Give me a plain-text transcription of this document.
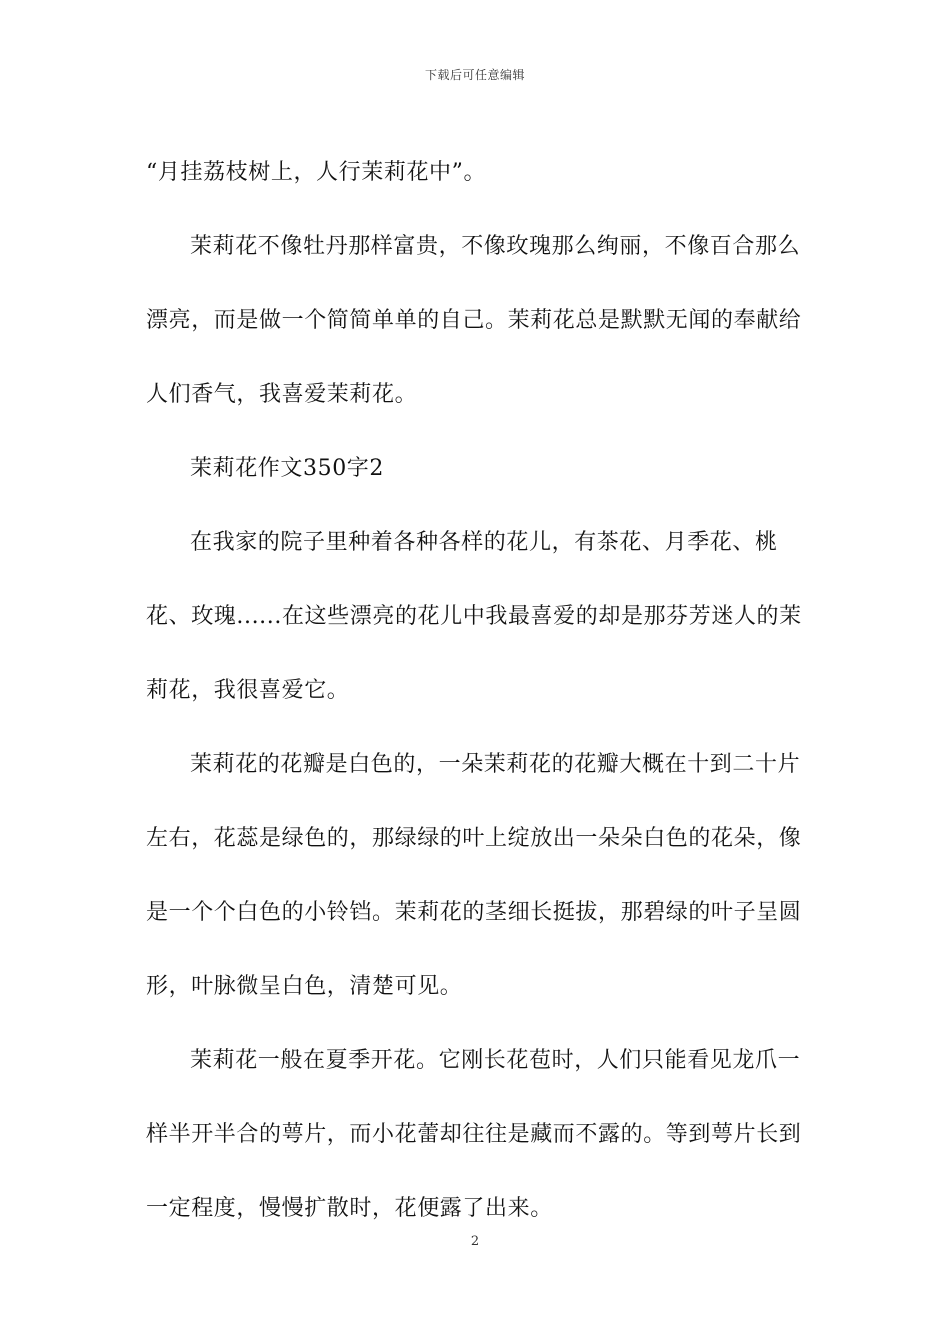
下载后可任意编辑

“月挂荔枝树上，人行茉莉花中”。

茉莉花不像牡丹那样富贵，不像玫瑰那么绚丽，不像百合那么漂亮，而是做一个简简单单的自己。茉莉花总是默默无闻的奉献给人们香气，我喜爱茉莉花。

茉莉花作文350字2

在我家的院子里种着各种各样的花儿，有茶花、月季花、桃花、玫瑰......在这些漂亮的花儿中我最喜爱的却是那芬芳迷人的茉莉花，我很喜爱它。

茉莉花的花瓣是白色的，一朵茉莉花的花瓣大概在十到二十片左右，花蕊是绿色的，那绿绿的叶上绽放出一朵朵白色的花朵，像是一个个白色的小铃铛。茉莉花的茎细长挺拔，那碧绿的叶子呈圆形，叶脉微呈白色，清楚可见。

茉莉花一般在夏季开花。它刚长花苞时，人们只能看见龙爪一样半开半合的萼片，而小花蕾却往往是藏而不露的。等到萼片长到一定程度，慢慢扩散时，花便露了出来。

2
